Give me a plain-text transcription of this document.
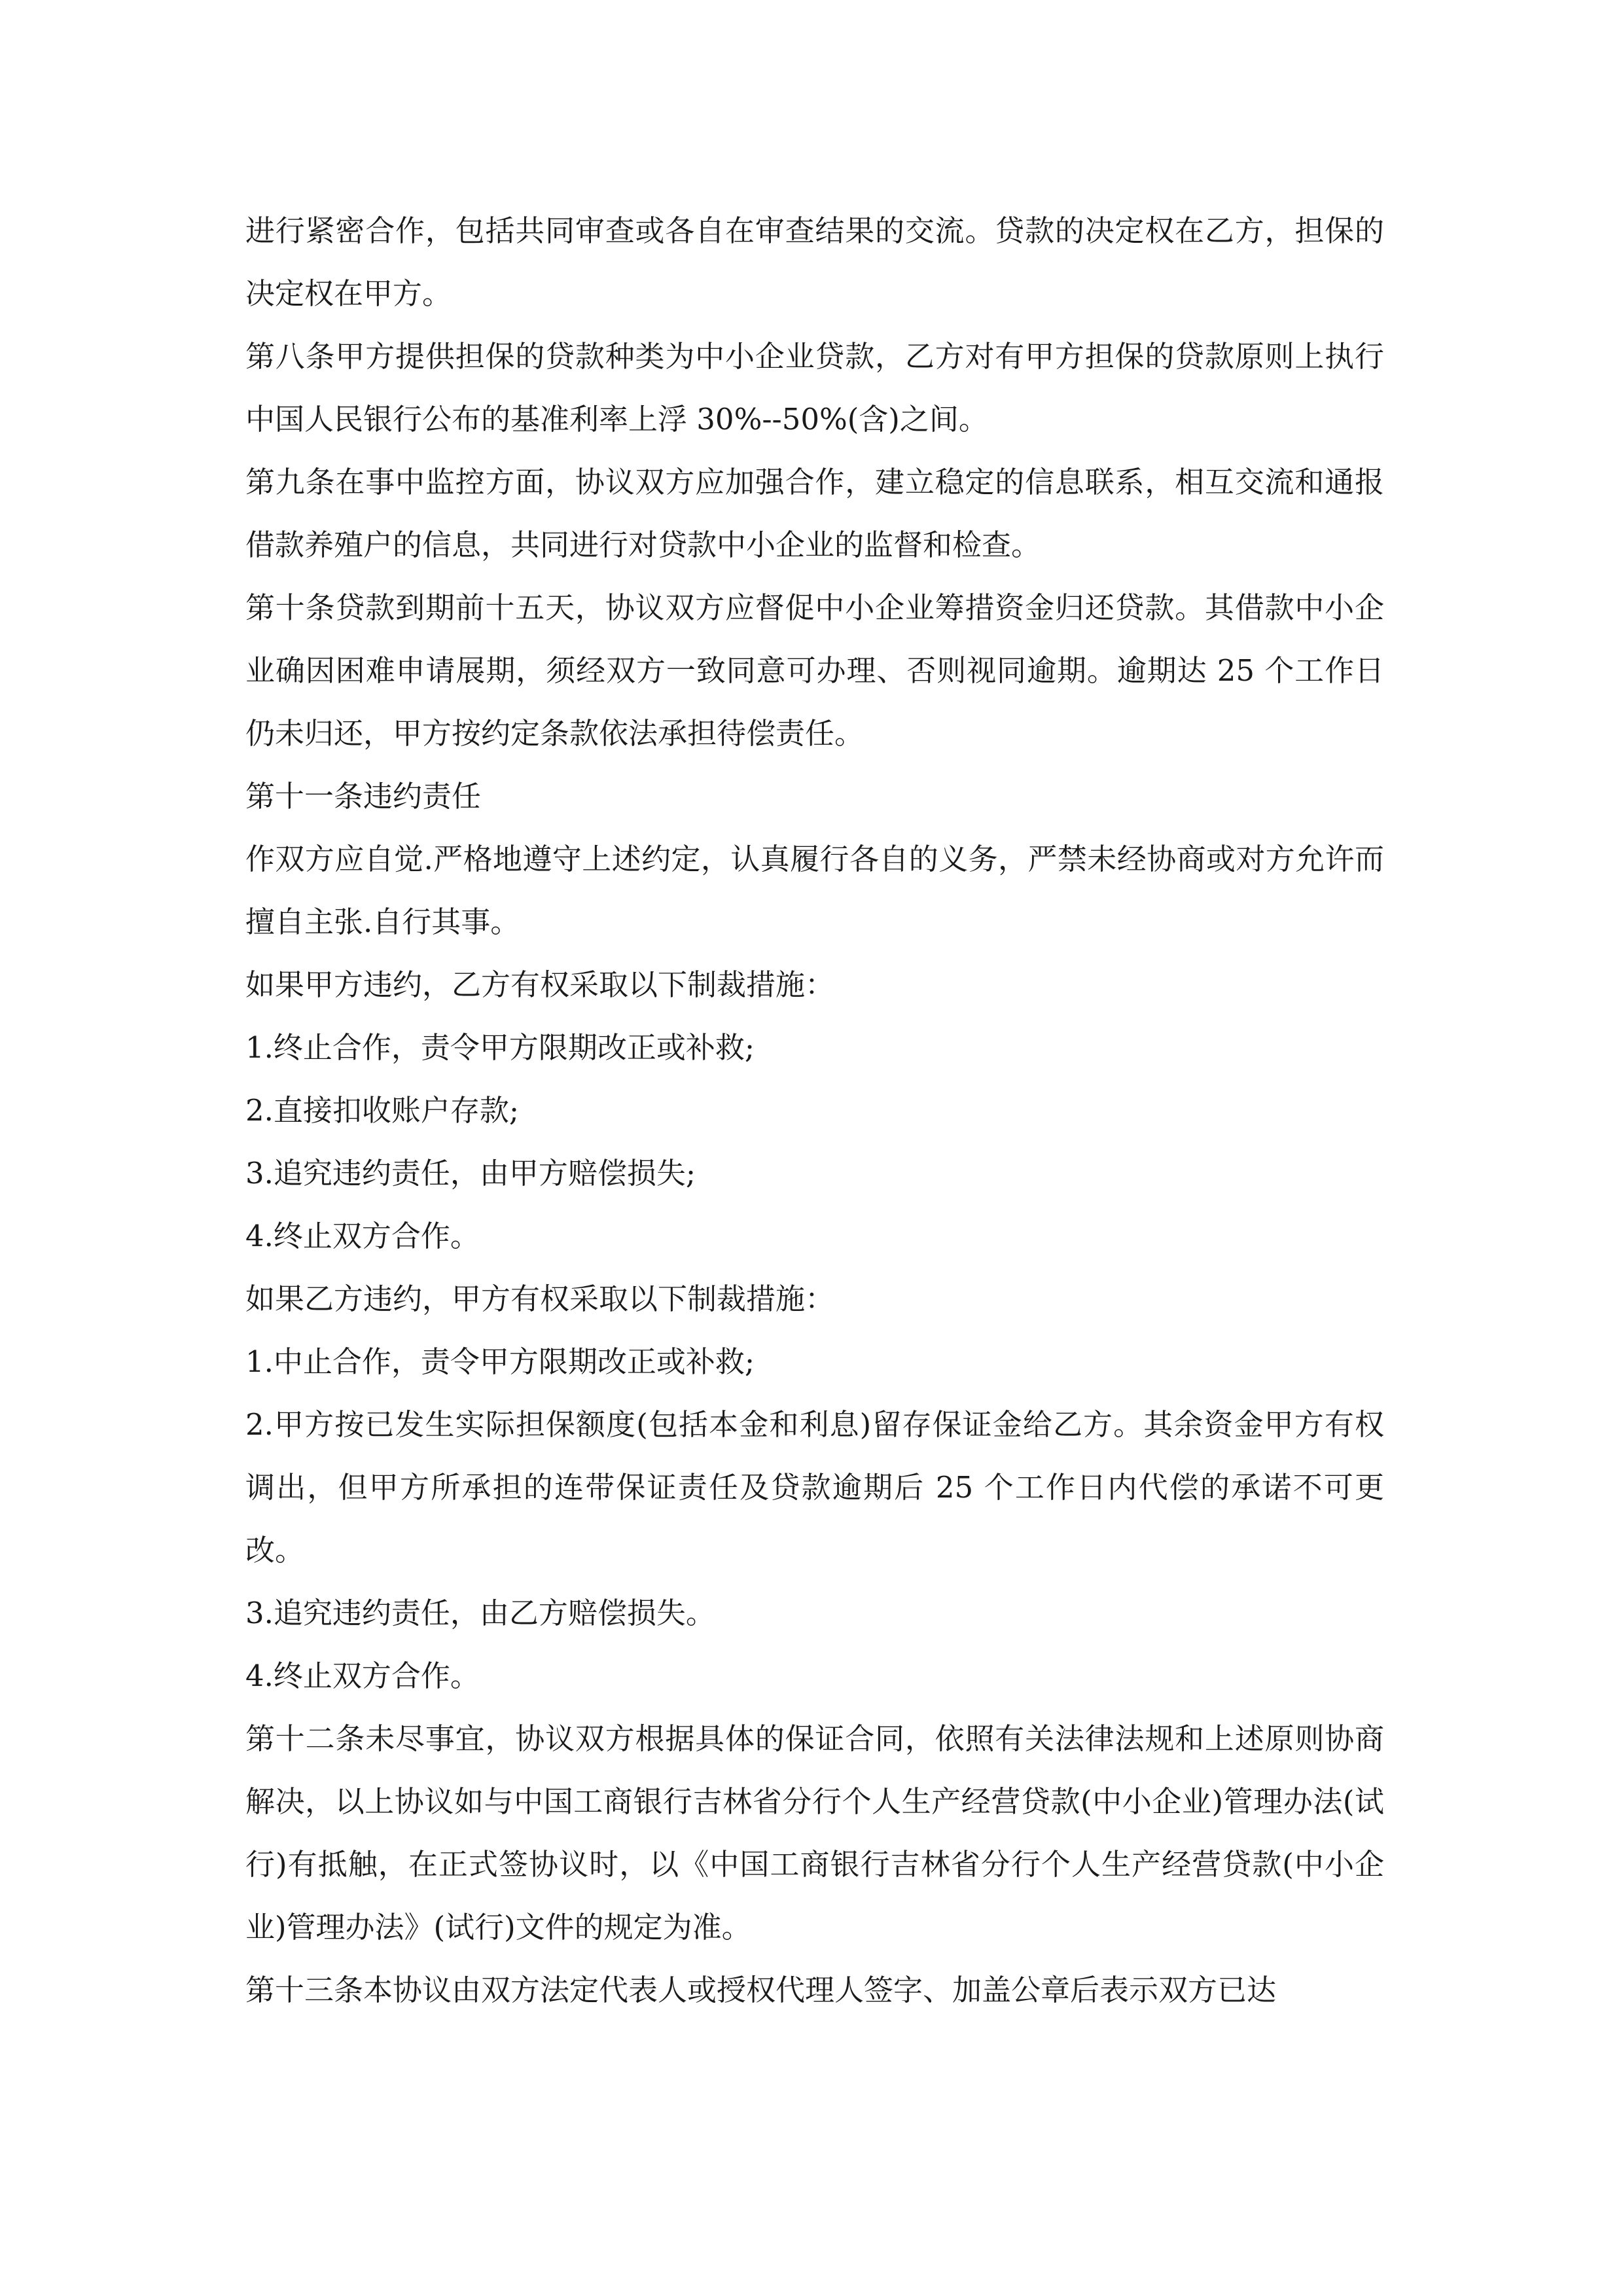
进行紧密合作，包括共同审查或各自在审查结果的交流。贷款的决定权在乙方，担保的决定权在甲方。

第八条甲方提供担保的贷款种类为中小企业贷款，乙方对有甲方担保的贷款原则上执行中国人民银行公布的基准利率上浮 30%--50%(含)之间。

第九条在事中监控方面，协议双方应加强合作，建立稳定的信息联系，相互交流和通报借款养殖户的信息，共同进行对贷款中小企业的监督和检查。

第十条贷款到期前十五天，协议双方应督促中小企业筹措资金归还贷款。其借款中小企业确因困难申请展期，须经双方一致同意可办理、否则视同逾期。逾期达 25 个工作日仍未归还，甲方按约定条款依法承担待偿责任。

第十一条违约责任

作双方应自觉.严格地遵守上述约定，认真履行各自的义务，严禁未经协商或对方允许而擅自主张.自行其事。

如果甲方违约，乙方有权采取以下制裁措施：

1.终止合作，责令甲方限期改正或补救;

2.直接扣收账户存款;

3.追究违约责任，由甲方赔偿损失;

4.终止双方合作。

如果乙方违约，甲方有权采取以下制裁措施：

1.中止合作，责令甲方限期改正或补救;

2.甲方按已发生实际担保额度(包括本金和利息)留存保证金给乙方。其余资金甲方有权调出，但甲方所承担的连带保证责任及贷款逾期后 25 个工作日内代偿的承诺不可更改。

3.追究违约责任，由乙方赔偿损失。

4.终止双方合作。

第十二条未尽事宜，协议双方根据具体的保证合同，依照有关法律法规和上述原则协商解决，以上协议如与中国工商银行吉林省分行个人生产经营贷款(中小企业)管理办法(试行)有抵触，在正式签协议时，以《中国工商银行吉林省分行个人生产经营贷款(中小企业)管理办法》(试行)文件的规定为准。

第十三条本协议由双方法定代表人或授权代理人签字、加盖公章后表示双方已达
